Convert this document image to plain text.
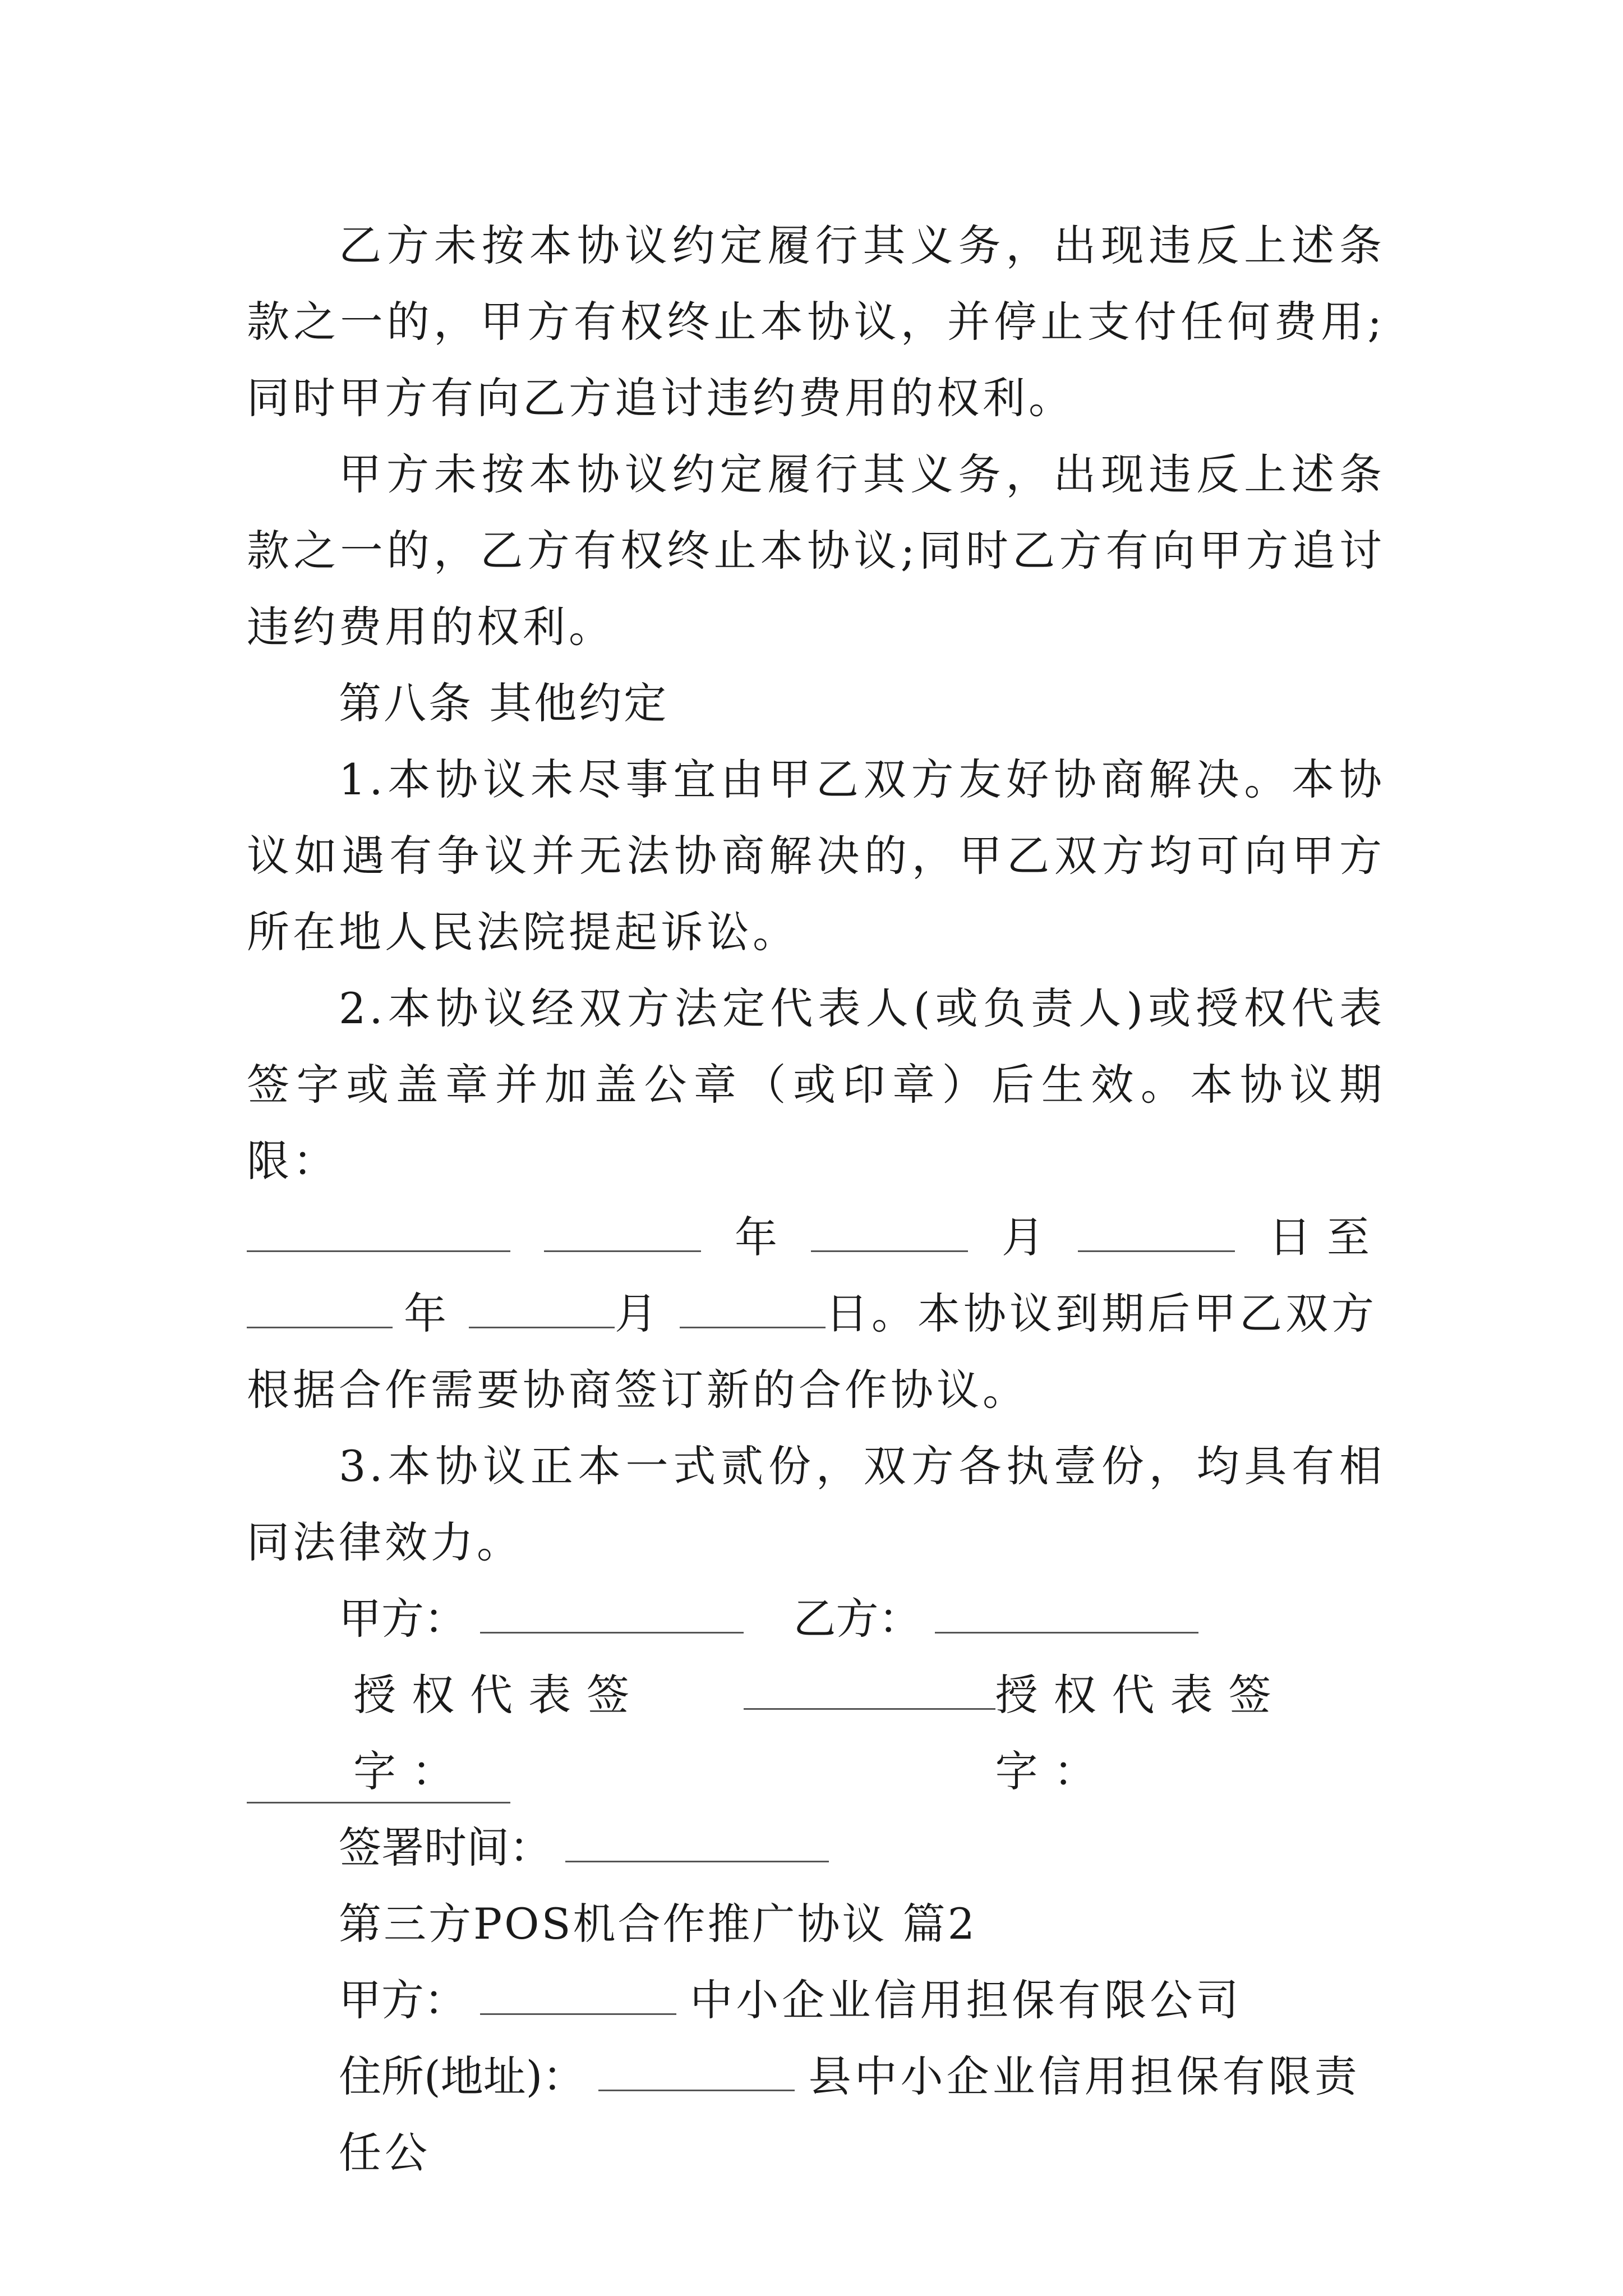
乙方未按本协议约定履行其义务，出现违反上述条款之一的，甲方有权终止本协议，并停止支付任何费用;同时甲方有向乙方追讨违约费用的权利。

甲方未按本协议约定履行其义务，出现违反上述条款之一的，乙方有权终止本协议;同时乙方有向甲方追讨违约费用的权利。

第八条 其他约定

1.本协议未尽事宜由甲乙双方友好协商解决。本协议如遇有争议并无法协商解决的，甲乙双方均可向甲方所在地人民法院提起诉讼。

2.本协议经双方法定代表人(或负责人)或授权代表签字或盖章并加盖公章（或印章）后生效。本协议期限：

年	月	日至
年	月	日。本协议到期后甲乙双方

根据合作需要协商签订新的合作协议。

3.本协议正本一式贰份，双方各执壹份，均具有相同法律效力。

甲方：	乙方：
授权代表签字：
授权代表签字：
签署时间：

第三方POS机合作推广协议 篇2

甲方：	中小企业信用担保有限公司
住所(地址)：	县中小企业信用担保有限责任公
